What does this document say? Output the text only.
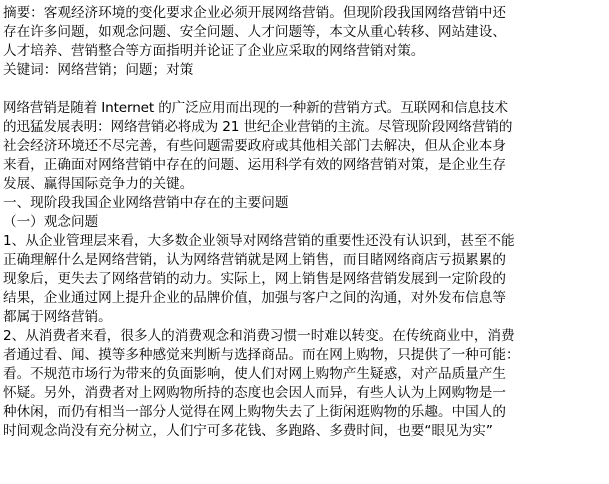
摘要：客观经济环境的变化要求企业必须开展网络营销。但现阶段我国网络营销中还
存在许多问题，如观念问题、安全问题、人才问题等，本文从重心转移、网站建设、
人才培养、营销整合等方面指明并论证了企业应采取的网络营销对策。
关键词：网络营销；问题；对策
网络营销是随着 Internet 的广泛应用而出现的一种新的营销方式。互联网和信息技术
的迅猛发展表明：网络营销必将成为 21 世纪企业营销的主流。尽管现阶段网络营销的
社会经济环境还不尽完善，有些问题需要政府或其他相关部门去解决，但从企业本身
来看，正确面对网络营销中存在的问题、运用科学有效的网络营销对策，是企业生存
发展、赢得国际竞争力的关键。
一、现阶段我国企业网络营销中存在的主要问题
（一）观念问题
1、从企业管理层来看，大多数企业领导对网络营销的重要性还没有认识到，甚至不能
正确理解什么是网络营销，认为网络营销就是网上销售，而目睹网络商店亏损累累的
现象后，更失去了网络营销的动力。实际上，网上销售是网络营销发展到一定阶段的
结果，企业通过网上提升企业的品牌价值，加强与客户之间的沟通，对外发布信息等
都属于网络营销。
2、从消费者来看，很多人的消费观念和消费习惯一时难以转变。在传统商业中，消费
者通过看、闻、摸等多种感觉来判断与选择商品。而在网上购物，只提供了一种可能：
看。不规范市场行为带来的负面影响，使人们对网上购物产生疑惑，对产品质量产生
怀疑。另外，消费者对上网购物所持的态度也会因人而异，有些人认为上网购物是一
种休闲，而仍有相当一部分人觉得在网上购物失去了上街闲逛购物的乐趣。中国人的
时间观念尚没有充分树立，人们宁可多花钱、多跑路、多费时间，也要“眼见为实”
